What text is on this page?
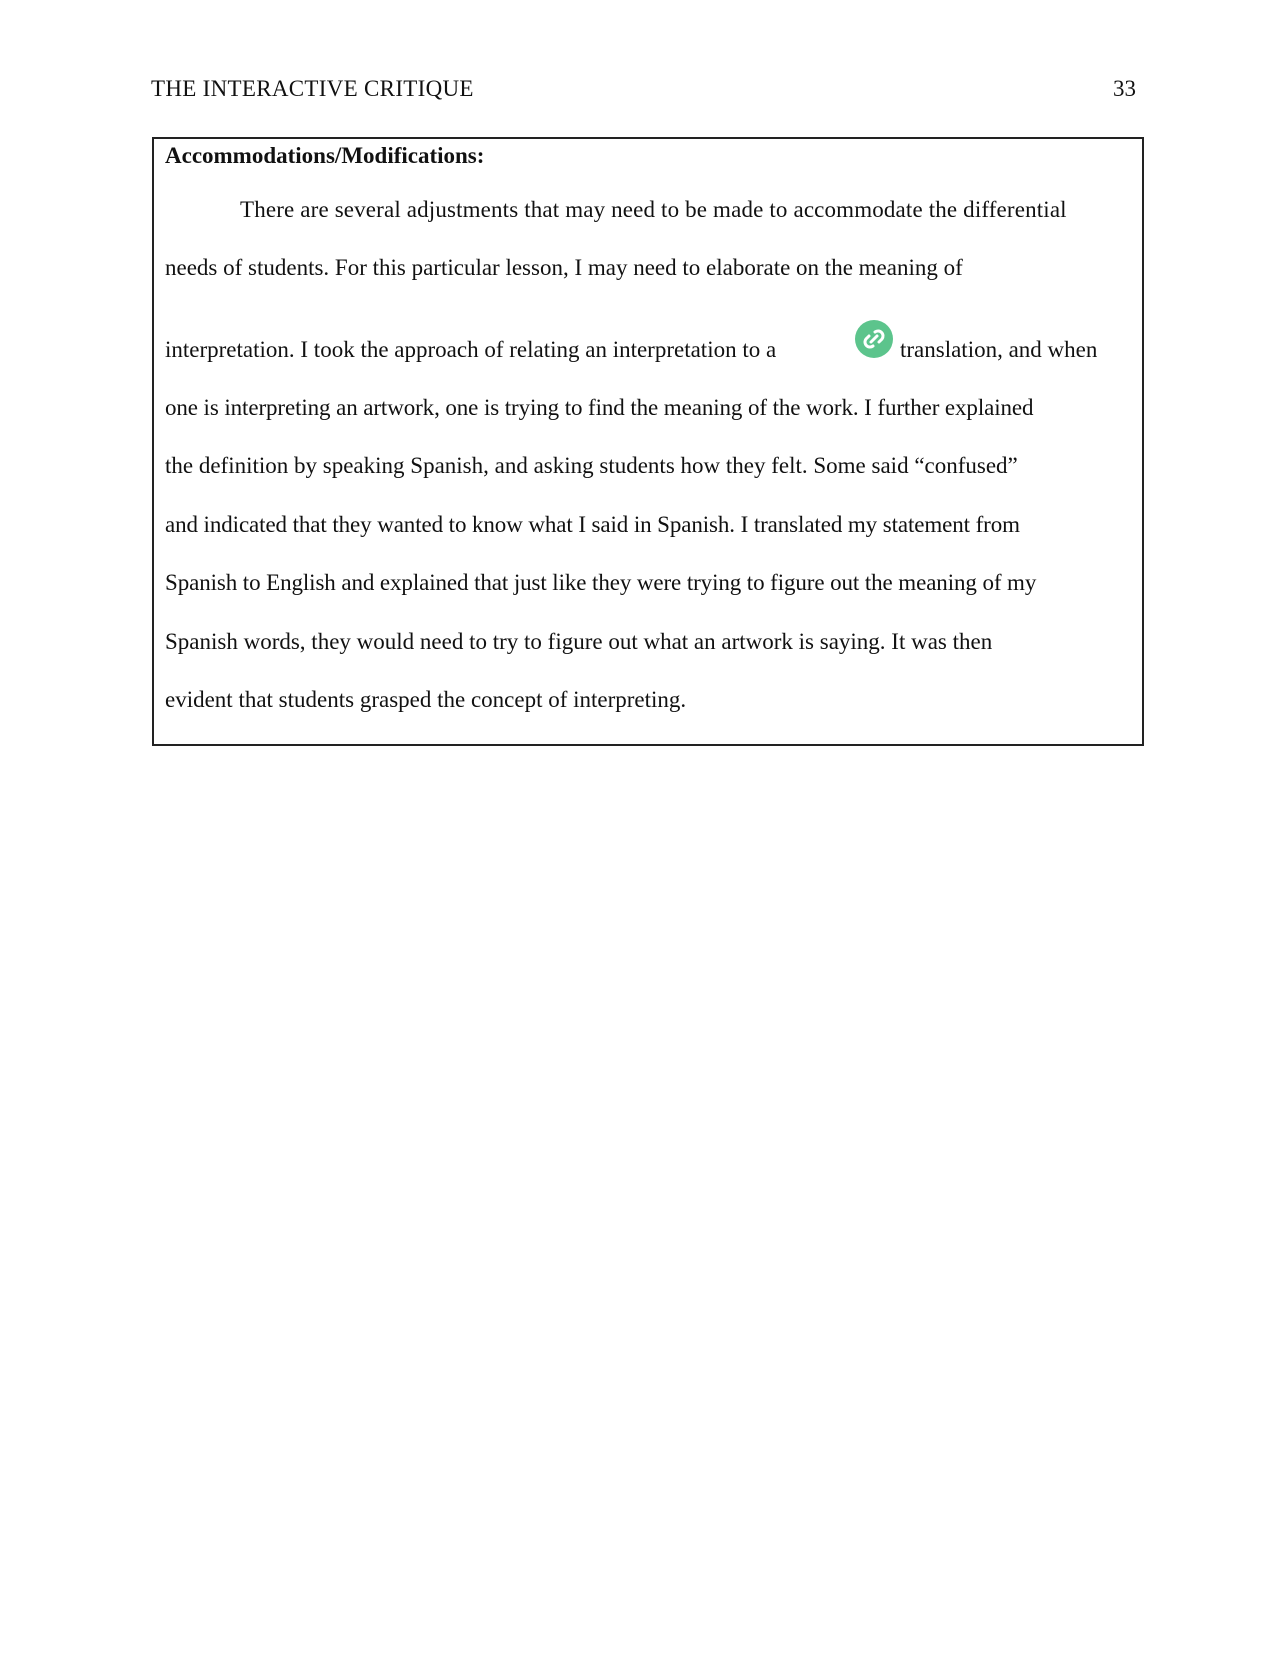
THE INTERACTIVE CRITIQUE	33
Accommodations/Modifications:
There are several adjustments that may need to be made to accommodate the differential
needs of students. For this particular lesson, I may need to elaborate on the meaning of
interpretation. I took the approach of relating an interpretation to a	translation, and when
one is interpreting an artwork, one is trying to find the meaning of the work. I further explained
the definition by speaking Spanish, and asking students how they felt. Some said “confused”
and indicated that they wanted to know what I said in Spanish. I translated my statement from
Spanish to English and explained that just like they were trying to figure out the meaning of my
Spanish words, they would need to try to figure out what an artwork is saying. It was then
evident that students grasped the concept of interpreting.
